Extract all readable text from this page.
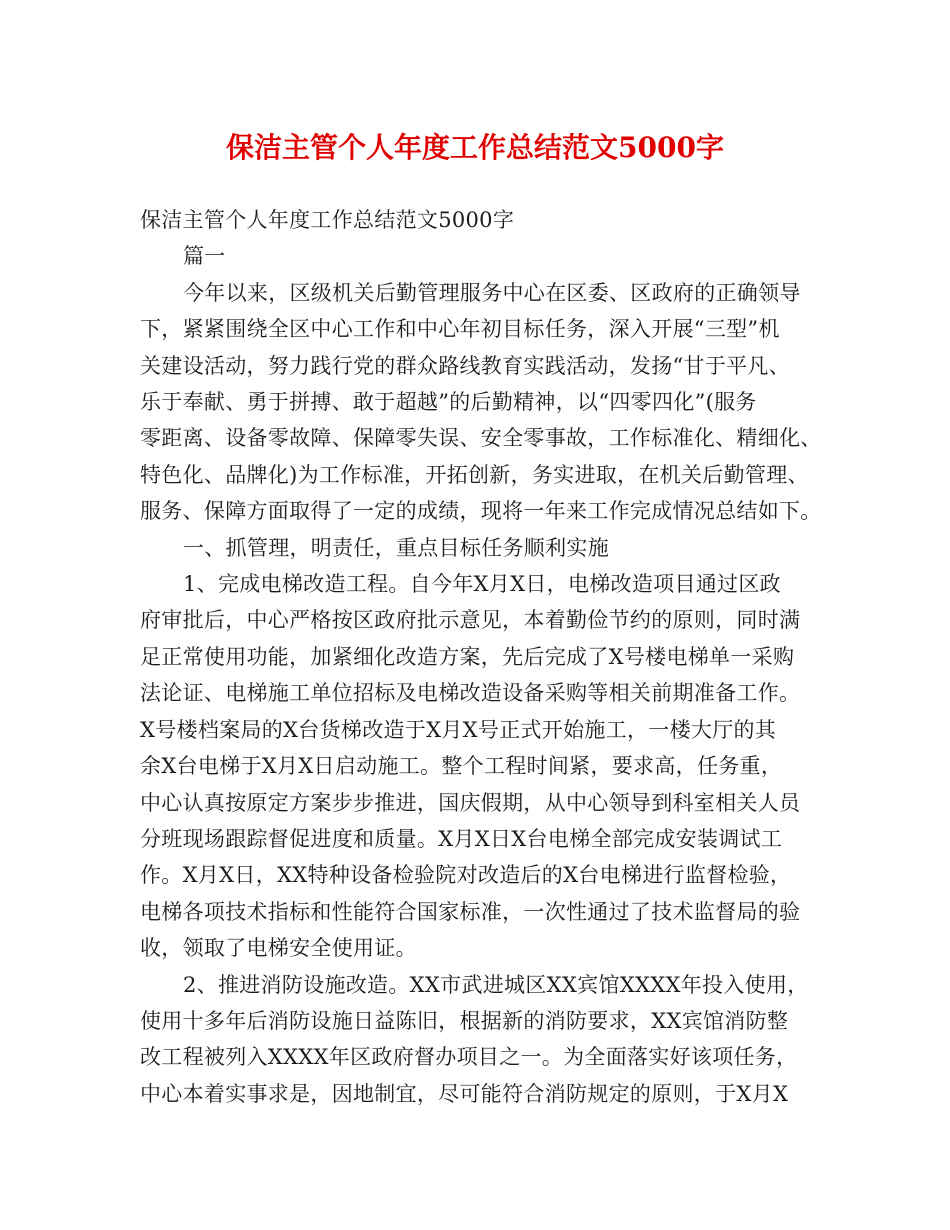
保洁主管个人年度工作总结范文5000字

保洁主管个人年度工作总结范文5000字

篇一

今年以来，区级机关后勤管理服务中心在区委、区政府的正确领导

下，紧紧围绕全区中心工作和中心年初目标任务，深入开展“三型”机

关建设活动，努力践行党的群众路线教育实践活动，发扬“甘于平凡、

乐于奉献、勇于拼搏、敢于超越”的后勤精神，以“四零四化”(服务

零距离、设备零故障、保障零失误、安全零事故，工作标准化、精细化、

特色化、品牌化)为工作标准，开拓创新，务实进取，在机关后勤管理、

服务、保障方面取得了一定的成绩，现将一年来工作完成情况总结如下。

一、抓管理，明责任，重点目标任务顺利实施

1、完成电梯改造工程。自今年X月X日，电梯改造项目通过区政

府审批后，中心严格按区政府批示意见，本着勤俭节约的原则，同时满

足正常使用功能，加紧细化改造方案，先后完成了X号楼电梯单一采购

法论证、电梯施工单位招标及电梯改造设备采购等相关前期准备工作。

X号楼档案局的X台货梯改造于X月X号正式开始施工，一楼大厅的其

余X台电梯于X月X日启动施工。整个工程时间紧，要求高，任务重，

中心认真按原定方案步步推进，国庆假期，从中心领导到科室相关人员

分班现场跟踪督促进度和质量。X月X日X台电梯全部完成安装调试工

作。X月X日，XX特种设备检验院对改造后的X台电梯进行监督检验，

电梯各项技术指标和性能符合国家标准，一次性通过了技术监督局的验

收，领取了电梯安全使用证。

2、推进消防设施改造。XX市武进城区XX宾馆XXXX年投入使用，

使用十多年后消防设施日益陈旧，根据新的消防要求，XX宾馆消防整

改工程被列入XXXX年区政府督办项目之一。为全面落实好该项任务，

中心本着实事求是，因地制宜，尽可能符合消防规定的原则，于X月X
